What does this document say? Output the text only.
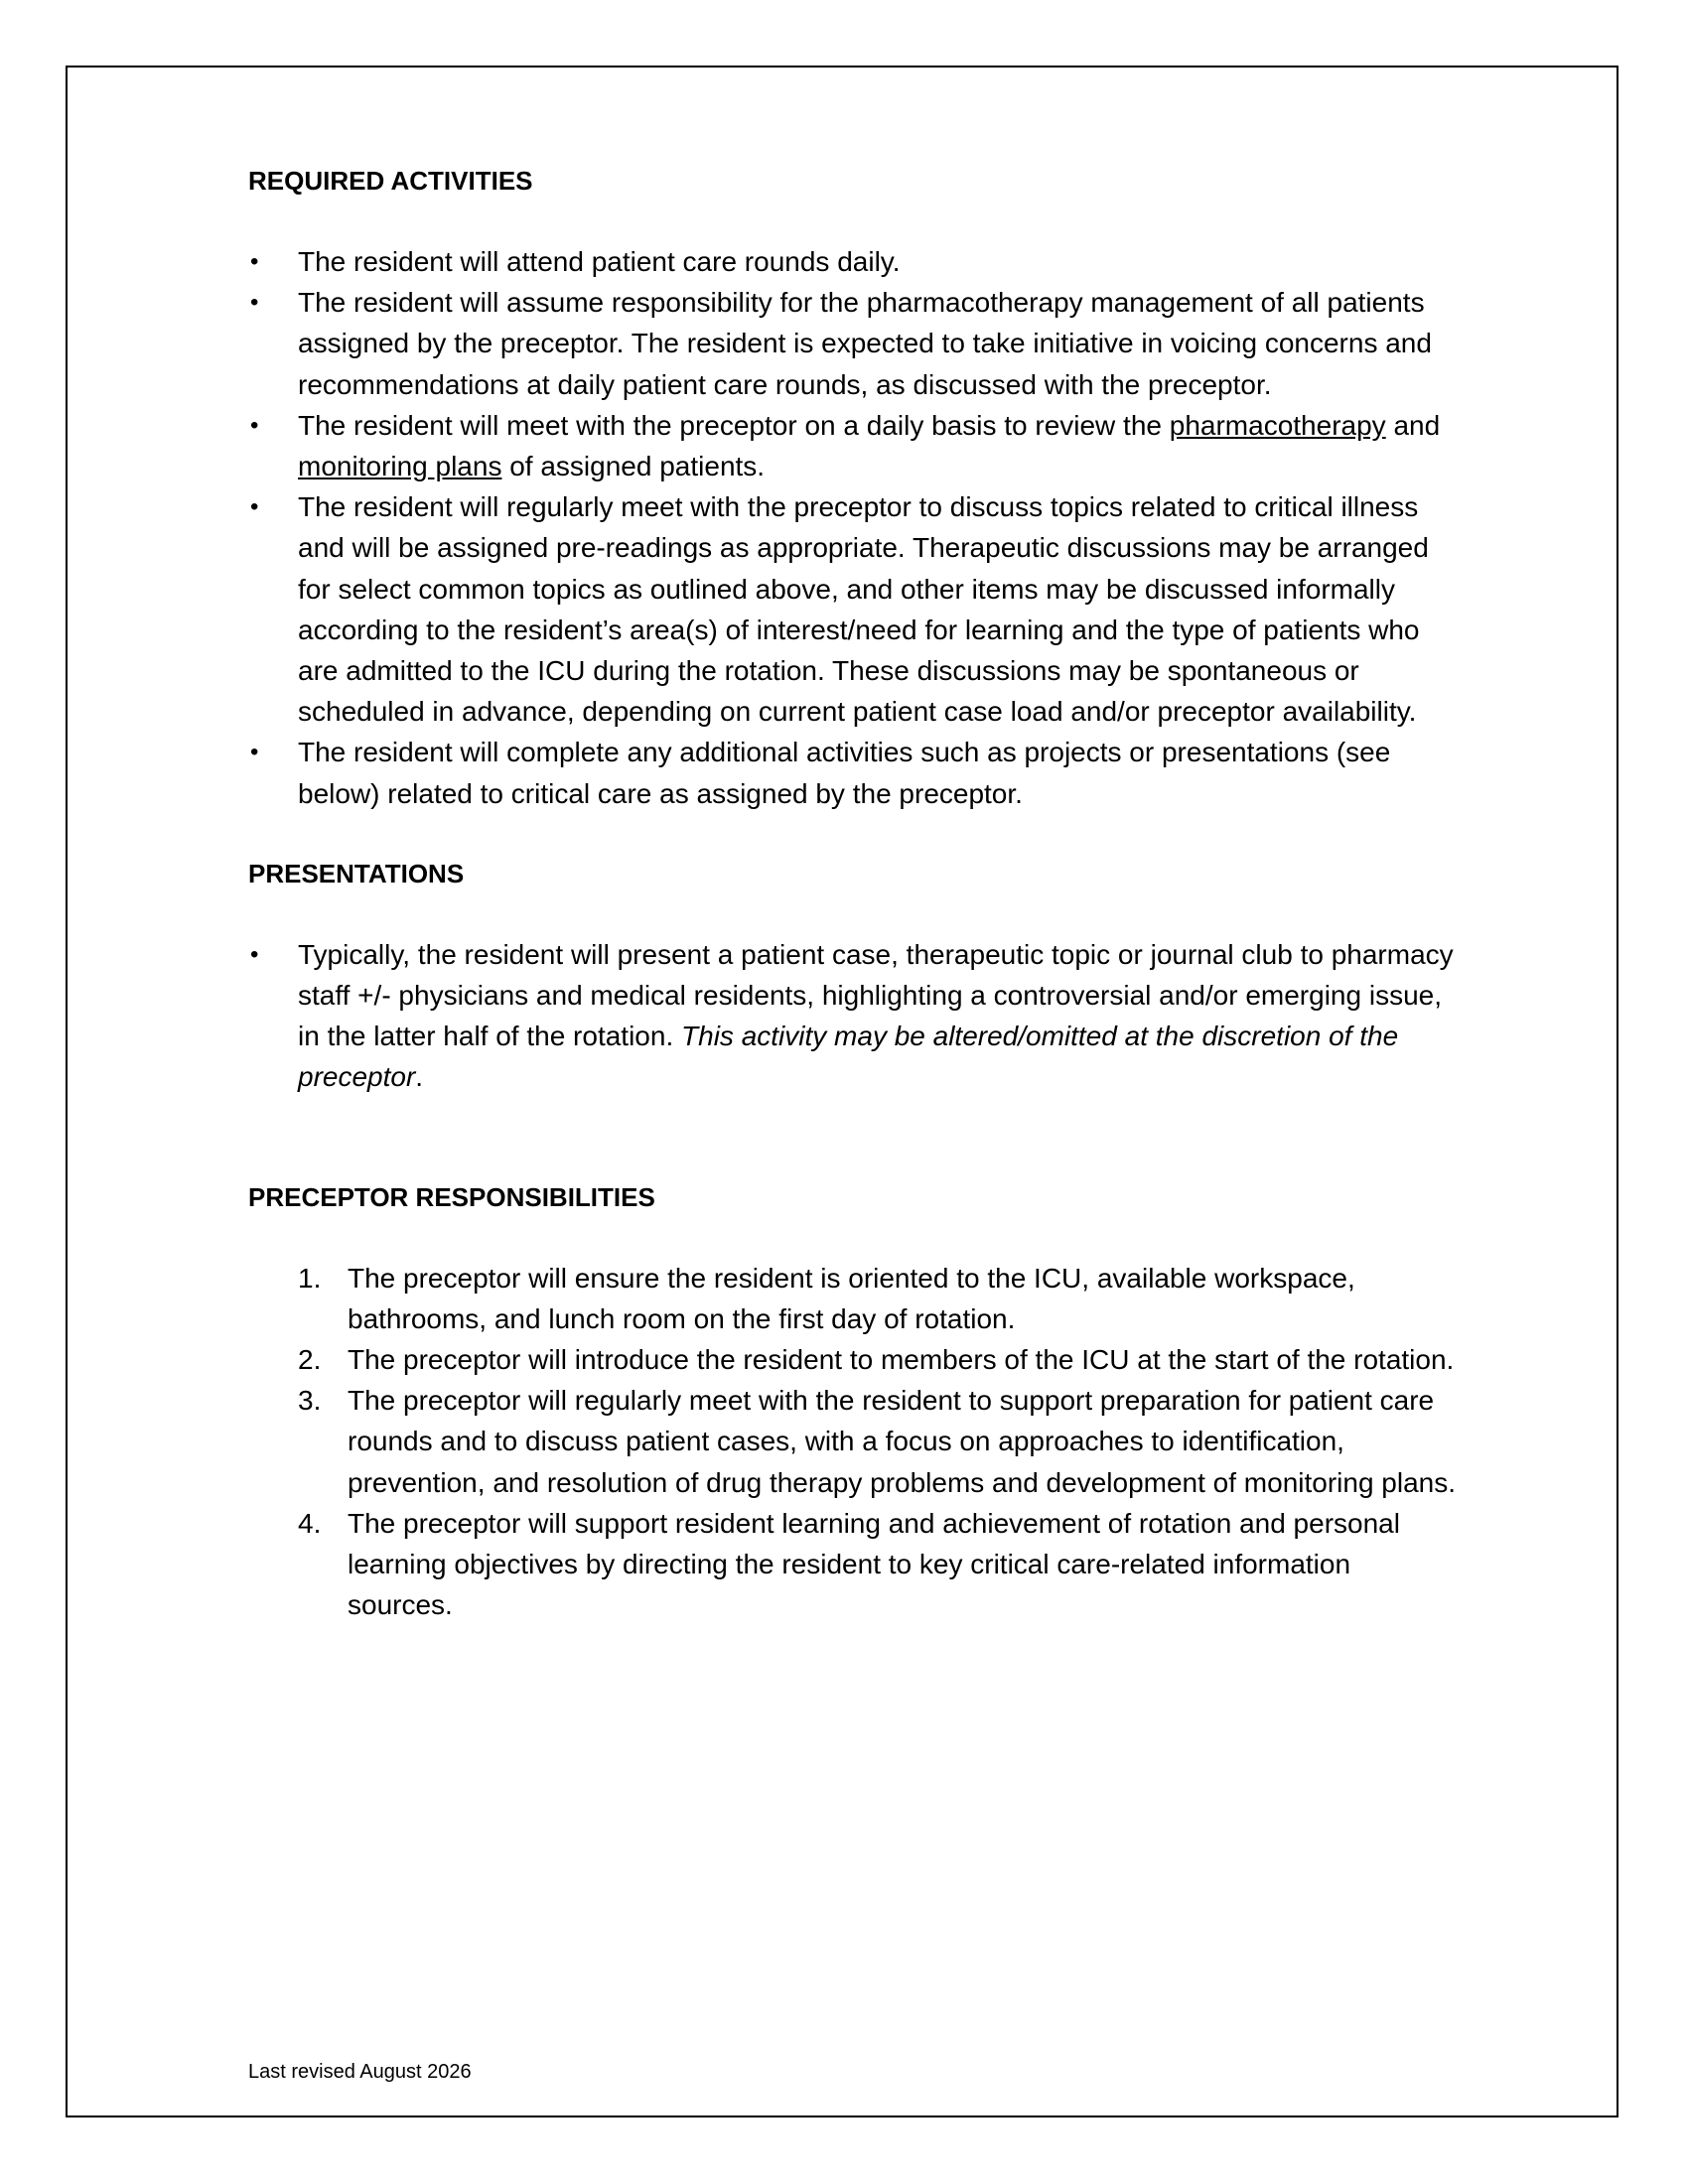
REQUIRED ACTIVITIES
•	The resident will attend patient care rounds daily.
•	The resident will assume responsibility for the pharmacotherapy management of all patients assigned by the preceptor. The resident is expected to take initiative in voicing concerns and recommendations at daily patient care rounds, as discussed with the preceptor.
•	The resident will meet with the preceptor on a daily basis to review the pharmacotherapy and monitoring plans of assigned patients.
•	The resident will regularly meet with the preceptor to discuss topics related to critical illness and will be assigned pre-readings as appropriate. Therapeutic discussions may be arranged for select common topics as outlined above, and other items may be discussed informally according to the resident’s area(s) of interest/need for learning and the type of patients who are admitted to the ICU during the rotation. These discussions may be spontaneous or scheduled in advance, depending on current patient case load and/or preceptor availability.
•	The resident will complete any additional activities such as projects or presentations (see below) related to critical care as assigned by the preceptor.
PRESENTATIONS
•	Typically, the resident will present a patient case, therapeutic topic or journal club to pharmacy staff +/- physicians and medical residents, highlighting a controversial and/or emerging issue, in the latter half of the rotation. This activity may be altered/omitted at the discretion of the preceptor.
PRECEPTOR RESPONSIBILITIES
1. The preceptor will ensure the resident is oriented to the ICU, available workspace, bathrooms, and lunch room on the first day of rotation.
2. The preceptor will introduce the resident to members of the ICU at the start of the rotation.
3. The preceptor will regularly meet with the resident to support preparation for patient care rounds and to discuss patient cases, with a focus on approaches to identification, prevention, and resolution of drug therapy problems and development of monitoring plans.
4. The preceptor will support resident learning and achievement of rotation and personal learning objectives by directing the resident to key critical care-related information sources.
Last revised August 2026
